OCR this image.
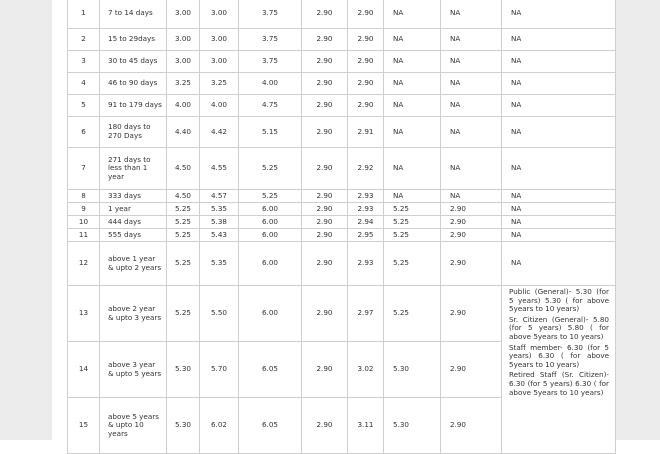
1	7 to 14 days	3.00	3.00	3.75	2.90	2.90	NA	NA	NA
2	15 to 29days	3.00	3.00	3.75	2.90	2.90	NA	NA	NA
3	30 to 45 days	3.00	3.00	3.75	2.90	2.90	NA	NA	NA
4	46 to 90 days	3.25	3.25	4.00	2.90	2.90	NA	NA	NA
5	91 to 179 days	4.00	4.00	4.75	2.90	2.90	NA	NA	NA
6	180 days to 270 Days	4.40	4.42	5.15	2.90	2.91	NA	NA	NA
7	271 days to less than 1 year	4.50	4.55	5.25	2.90	2.92	NA	NA	NA
8	333 days	4.50	4.57	5.25	2.90	2.93	NA	NA	NA
9	1 year	5.25	5.35	6.00	2.90	2.93	5.25	2.90	NA
10	444 days	5.25	5.38	6.00	2.90	2.94	5.25	2.90	NA
11	555 days	5.25	5.43	6.00	2.90	2.95	5.25	2.90	NA
12	above 1 year & upto 2 years	5.25	5.35	6.00	2.90	2.93	5.25	2.90	NA
13	above 2 year & upto 3 years	5.25	5.50	6.00	2.90	2.97	5.25	2.90	Public (General)- 5.30 (for 5 years) 5.30 ( for above 5years to 10 years)
Sr. Citizen (General)- 5.80 (for 5 years) 5.80 ( for above 5years to 10 years)
Staff member- 6.30 (for 5 years) 6.30 ( for above 5years to 10 years)
Retired Staff (Sr. Citizen)- 6.30 (for 5 years) 6.30 ( for above 5years to 10 years)

14	above 3 year & upto 5 years	5.30	5.70	6.05	2.90	3.02	5.30	2.90	
15	above 5 years & upto 10 years	5.30	6.02	6.05	2.90	3.11	5.30	2.90	
